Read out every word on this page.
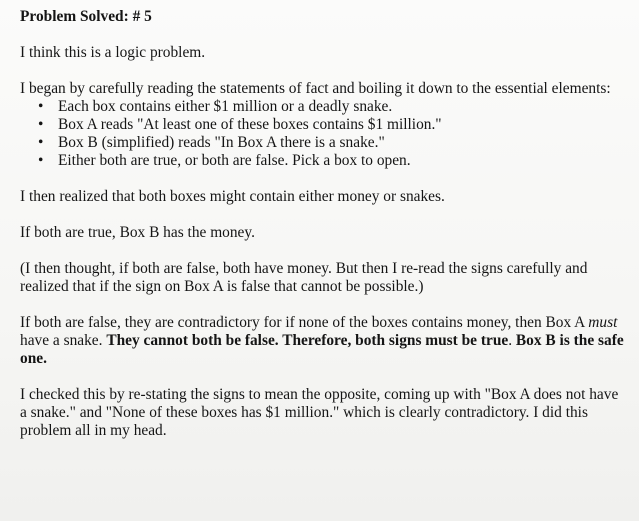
Problem Solved: # 5

I think this is a logic problem.

I began by carefully reading the statements of fact and boiling it down to the essential elements:

• Each box contains either $1 million or a deadly snake.
• Box A reads "At least one of these boxes contains $1 million."
• Box B (simplified) reads "In Box A there is a snake."
• Either both are true, or both are false. Pick a box to open.

I then realized that both boxes might contain either money or snakes.

If both are true, Box B has the money.

(I then thought, if both are false, both have money. But then I re-read the signs carefully and realized that if the sign on Box A is false that cannot be possible.)

If both are false, they are contradictory for if none of the boxes contains money, then Box A must have a snake. They cannot both be false. Therefore, both signs must be true. Box B is the safe one.

I checked this by re-stating the signs to mean the opposite, coming up with "Box A does not have a snake." and "None of these boxes has $1 million." which is clearly contradictory. I did this problem all in my head.
